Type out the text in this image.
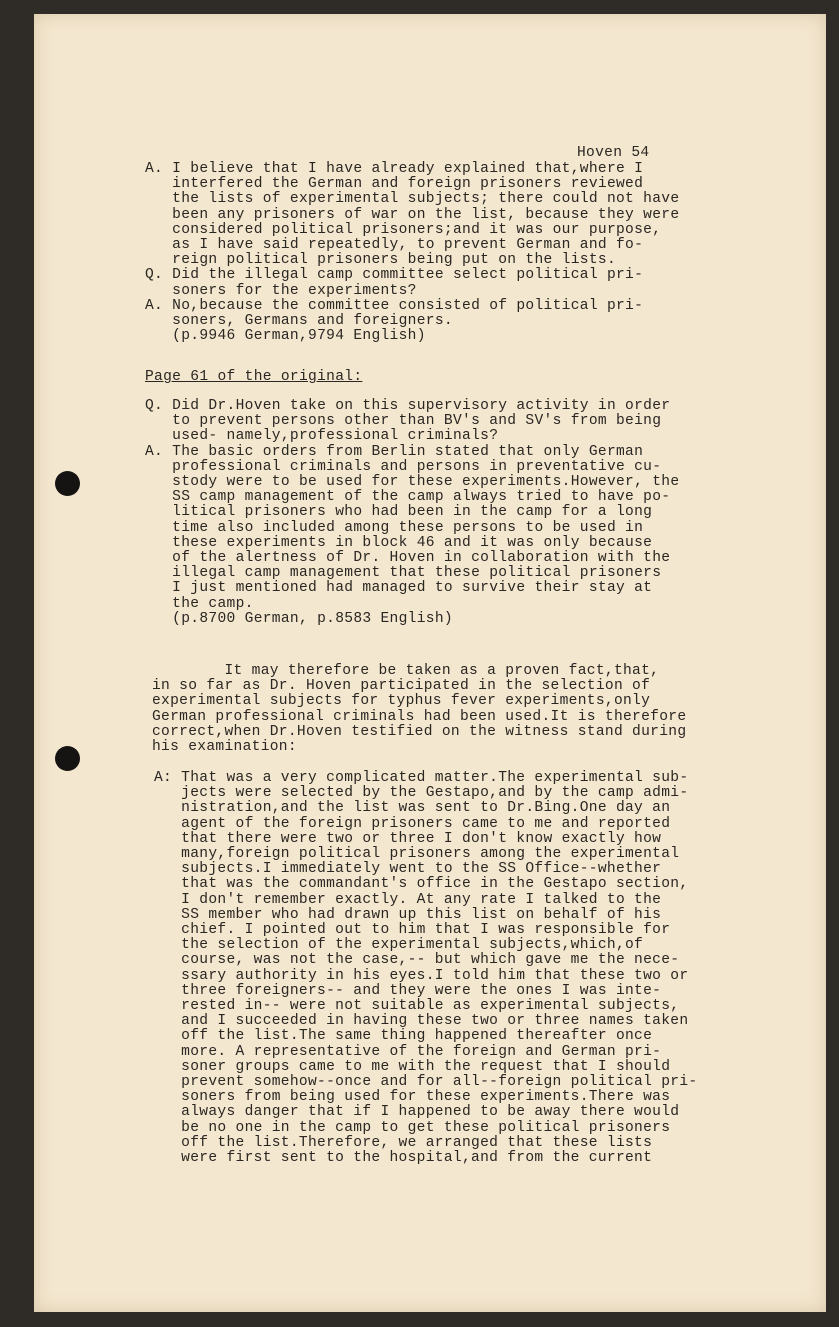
Hoven 54
A. I believe that I have already explained that,where I
interfered the German and foreign prisoners reviewed
the lists of experimental subjects; there could not have
been any prisoners of war on the list, because they were
considered political prisoners;and it was our purpose,
as I have said repeatedly, to prevent German and fo-
reign political prisoners being put on the lists.
Q. Did the illegal camp committee select political pri-
soners for the experiments?
A. No,because the committee consisted of political pri-
soners, Germans and foreigners.
(p.9946 German,9794 English)
Page 61 of the original:
Q. Did Dr.Hoven take on this supervisory activity in order
to prevent persons other than BV's and SV's from being
used- namely,professional criminals?
A. The basic orders from Berlin stated that only German
professional criminals and persons in preventative cu-
stody were to be used for these experiments.However, the
SS camp management of the camp always tried to have po-
litical prisoners who had been in the camp for a long
time also included among these persons to be used in
these experiments in block 46 and it was only because
of the alertness of Dr. Hoven in collaboration with the
illegal camp management that these political prisoners
I just mentioned had managed to survive their stay at
the camp.
(p.8700 German, p.8583 English)
It may therefore be taken as a proven fact,that,
in so far as Dr. Hoven participated in the selection of
experimental subjects for typhus fever experiments,only
German professional criminals had been used.It is therefore
correct,when Dr.Hoven testified on the witness stand during
his examination:
A: That was a very complicated matter.The experimental sub-
jects were selected by the Gestapo,and by the camp admi-
nistration,and the list was sent to Dr.Bing.One day an
agent of the foreign prisoners came to me and reported
that there were two or three I don't know exactly how
many,foreign political prisoners among the experimental
subjects.I immediately went to the SS Office--whether
that was the commandant's office in the Gestapo section,
I don't remember exactly. At any rate I talked to the
SS member who had drawn up this list on behalf of his
chief. I pointed out to him that I was responsible for
the selection of the experimental subjects,which,of
course, was not the case,-- but which gave me the nece-
ssary authority in his eyes.I told him that these two or
three foreigners-- and they were the ones I was inte-
rested in-- were not suitable as experimental subjects,
and I succeeded in having these two or three names taken
off the list.The same thing happened thereafter once
more. A representative of the foreign and German pri-
soner groups came to me with the request that I should
prevent somehow--once and for all--foreign political pri-
soners from being used for these experiments.There was
always danger that if I happened to be away there would
be no one in the camp to get these political prisoners
off the list.Therefore, we arranged that these lists
were first sent to the hospital,and from the current
